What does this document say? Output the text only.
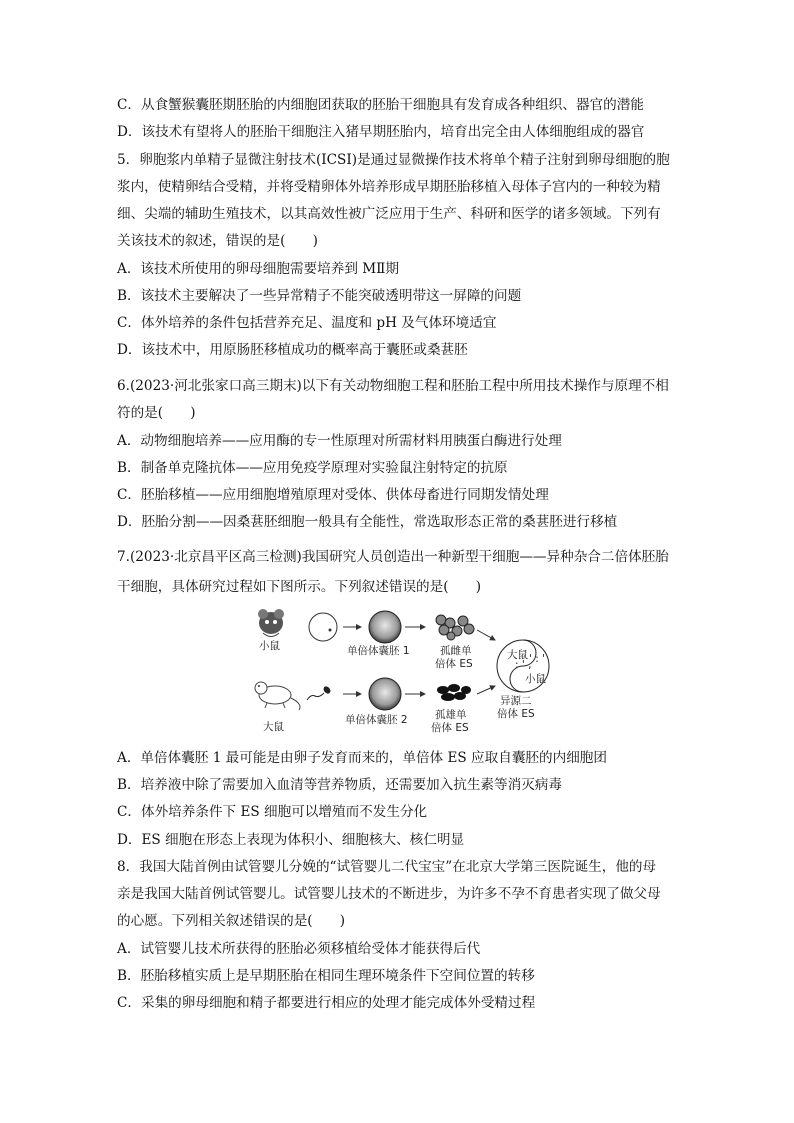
C．从食蟹猴囊胚期胚胎的内细胞团获取的胚胎干细胞具有发育成各种组织、器官的潜能
D．该技术有望将人的胚胎干细胞注入猪早期胚胎内，培育出完全由人体细胞组成的器官
5．卵胞浆内单精子显微注射技术(ICSI)是通过显微操作技术将单个精子注射到卵母细胞的胞
浆内，使精卵结合受精，并将受精卵体外培养形成早期胚胎移植入母体子宫内的一种较为精
细、尖端的辅助生殖技术，以其高效性被广泛应用于生产、科研和医学的诸多领域。下列有
关该技术的叙述，错误的是(　　)
A．该技术所使用的卵母细胞需要培养到 MⅡ期
B．该技术主要解决了一些异常精子不能突破透明带这一屏障的问题
C．体外培养的条件包括营养充足、温度和 pH 及气体环境适宜
D．该技术中，用原肠胚移植成功的概率高于囊胚或桑葚胚
6.(2023·河北张家口高三期末)以下有关动物细胞工程和胚胎工程中所用技术操作与原理不相
符的是(　　)
A．动物细胞培养——应用酶的专一性原理对所需材料用胰蛋白酶进行处理
B．制备单克隆抗体——应用免疫学原理对实验鼠注射特定的抗原
C．胚胎移植——应用细胞增殖原理对受体、供体母畜进行同期发情处理
D．胚胎分割——因桑葚胚细胞一般具有全能性，常选取形态正常的桑葚胚进行移植
7.(2023·北京昌平区高三检测)我国研究人员创造出一种新型干细胞——异种杂合二倍体胚胎
干细胞，具体研究过程如下图所示。下列叙述错误的是(　　)
小鼠	单倍体囊胚 1	孤雌单
倍体 ES
大鼠
小鼠
: ' ,
' : '
异源二
倍体 ES
大鼠
单倍体囊胚 2	孤雄单
倍体 ES
A．单倍体囊胚 1 最可能是由卵子发育而来的，单倍体 ES 应取自囊胚的内细胞团
B．培养液中除了需要加入血清等营养物质，还需要加入抗生素等消灭病毒
C．体外培养条件下 ES 细胞可以增殖而不发生分化
D．ES 细胞在形态上表现为体积小、细胞核大、核仁明显
8．我国大陆首例由试管婴儿分娩的“试管婴儿二代宝宝”在北京大学第三医院诞生，他的母
亲是我国大陆首例试管婴儿。试管婴儿技术的不断进步，为许多不孕不育患者实现了做父母
的心愿。下列相关叙述错误的是(　　)
A．试管婴儿技术所获得的胚胎必须移植给受体才能获得后代
B．胚胎移植实质上是早期胚胎在相同生理环境条件下空间位置的转移
C．采集的卵母细胞和精子都要进行相应的处理才能完成体外受精过程
